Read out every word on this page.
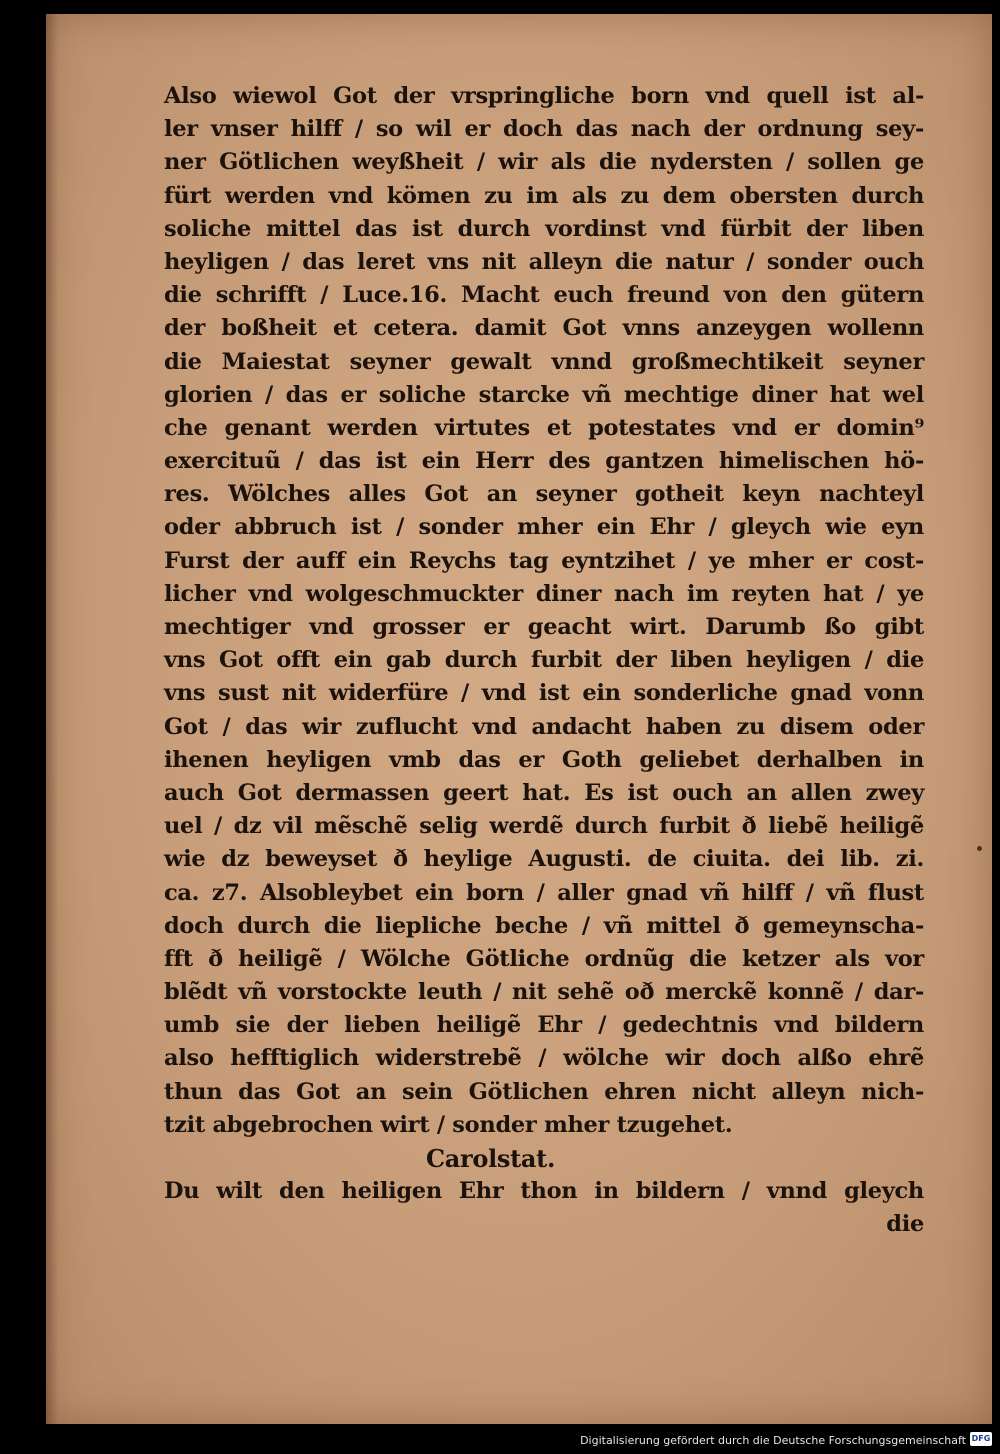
Also wiewol Got der vrspringliche born vnd quell ist al-
ler vnser hilff / so wil er doch das nach der ordnung sey-
ner Götlichen weyßheit / wir als die nydersten / sollen ge
fürt werden vnd kömen zu im als zu dem obersten durch
soliche mittel das ist durch vordinst vnd fürbit der liben
heyligen / das leret vns nit alleyn die natur / sonder ouch
die schrifft / Luce.16. Macht euch freund von den gütern
der boßheit et cetera. damit Got vnns anzeygen wollenn
die Maiestat seyner gewalt vnnd großmechtikeit seyner
glorien / das er soliche starcke vñ mechtige diner hat wel
che genant werden virtutes et potestates vnd er domin⁹
exercituũ / das ist ein Herr des gantzen himelischen hö-
res. Wölches alles Got an seyner gotheit keyn nachteyl
oder abbruch ist / sonder mher ein Ehr / gleych wie eyn
Furst der auff ein Reychs tag eyntzihet / ye mher er cost-
licher vnd wolgeschmuckter diner nach im reyten hat / ye
mechtiger vnd grosser er geacht wirt. Darumb ßo gibt
vns Got offt ein gab durch furbit der liben heyligen / die
vns sust nit widerfüre / vnd ist ein sonderliche gnad vonn
Got / das wir zuflucht vnd andacht haben zu disem oder
ihenen heyligen vmb das er Goth geliebet derhalben in
auch Got dermassen geert hat. Es ist ouch an allen zwey
uel / dz vil mẽschẽ selig werdẽ durch furbit ð liebẽ heiligẽ
wie dz beweyset ð heylige Augusti. de ciuita. dei lib. zi.
ca. z7. Alsobleybet ein born / aller gnad vñ hilff / vñ flust
doch durch die liepliche beche / vñ mittel ð gemeynscha-
fft ð heiligẽ / Wölche Götliche ordnũg die ketzer als vor
blẽdt vñ vorstockte leuth / nit sehẽ oð merckẽ konnẽ / dar-
umb sie der lieben heiligẽ Ehr / gedechtnis vnd bildern
also hefftiglich widerstrebẽ / wölche wir doch alßo ehrẽ
thun das Got an sein Götlichen ehren nicht alleyn nich-
tzit abgebrochen wirt / sonder mher tzugehet.
Carolstat.
Du wilt den heiligen Ehr thon in bildern / vnnd gleych
die
Digitalisierung gefördert durch die Deutsche Forschungsgemeinschaft DFG
